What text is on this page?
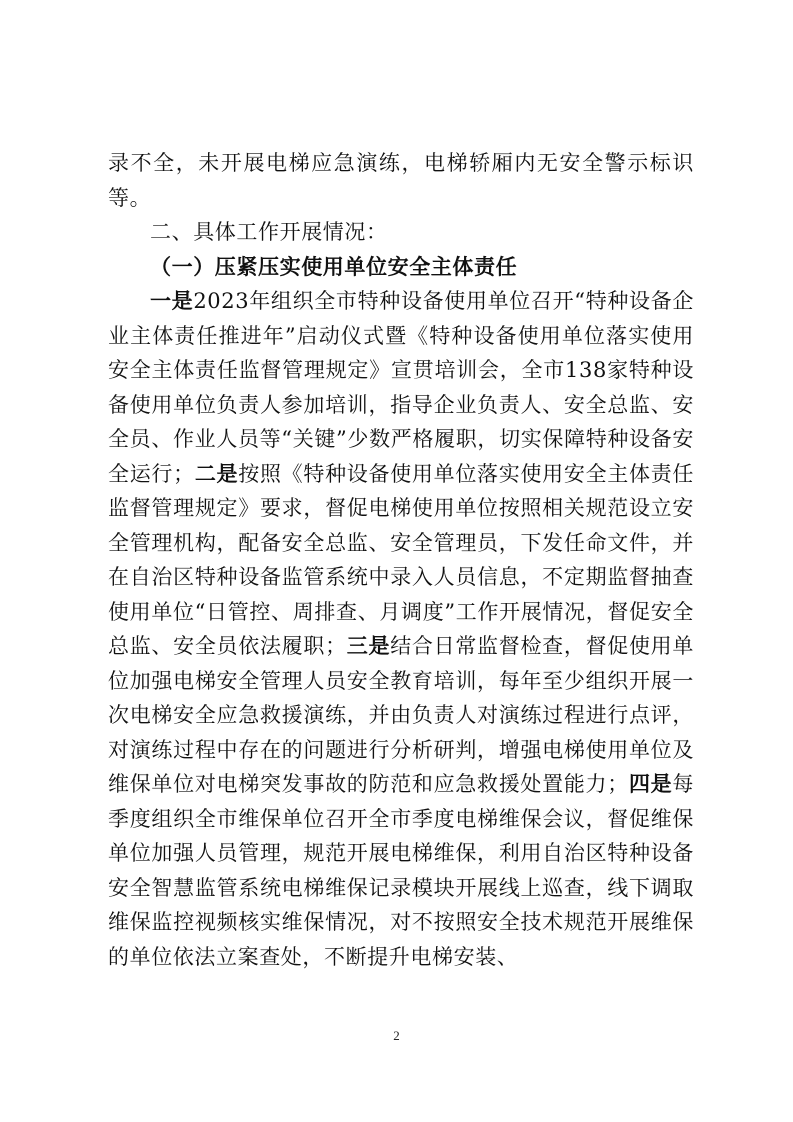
录不全，未开展电梯应急演练，电梯轿厢内无安全警示标识等。

二、具体工作开展情况：

（一）压紧压实使用单位安全主体责任

一是2023年组织全市特种设备使用单位召开“特种设备企业主体责任推进年”启动仪式暨《特种设备使用单位落实使用安全主体责任监督管理规定》宣贯培训会，全市138家特种设备使用单位负责人参加培训，指导企业负责人、安全总监、安全员、作业人员等“关键”少数严格履职，切实保障特种设备安全运行；二是按照《特种设备使用单位落实使用安全主体责任监督管理规定》要求，督促电梯使用单位按照相关规范设立安全管理机构，配备安全总监、安全管理员，下发任命文件，并在自治区特种设备监管系统中录入人员信息，不定期监督抽查使用单位“日管控、周排查、月调度”工作开展情况，督促安全总监、安全员依法履职；三是结合日常监督检查，督促使用单位加强电梯安全管理人员安全教育培训，每年至少组织开展一次电梯安全应急救援演练，并由负责人对演练过程进行点评，对演练过程中存在的问题进行分析研判，增强电梯使用单位及维保单位对电梯突发事故的防范和应急救援处置能力；四是每季度组织全市维保单位召开全市季度电梯维保会议，督促维保单位加强人员管理，规范开展电梯维保，利用自治区特种设备安全智慧监管系统电梯维保记录模块开展线上巡查，线下调取维保监控视频核实维保情况，对不按照安全技术规范开展维保的单位依法立案查处，不断提升电梯安装、

2
